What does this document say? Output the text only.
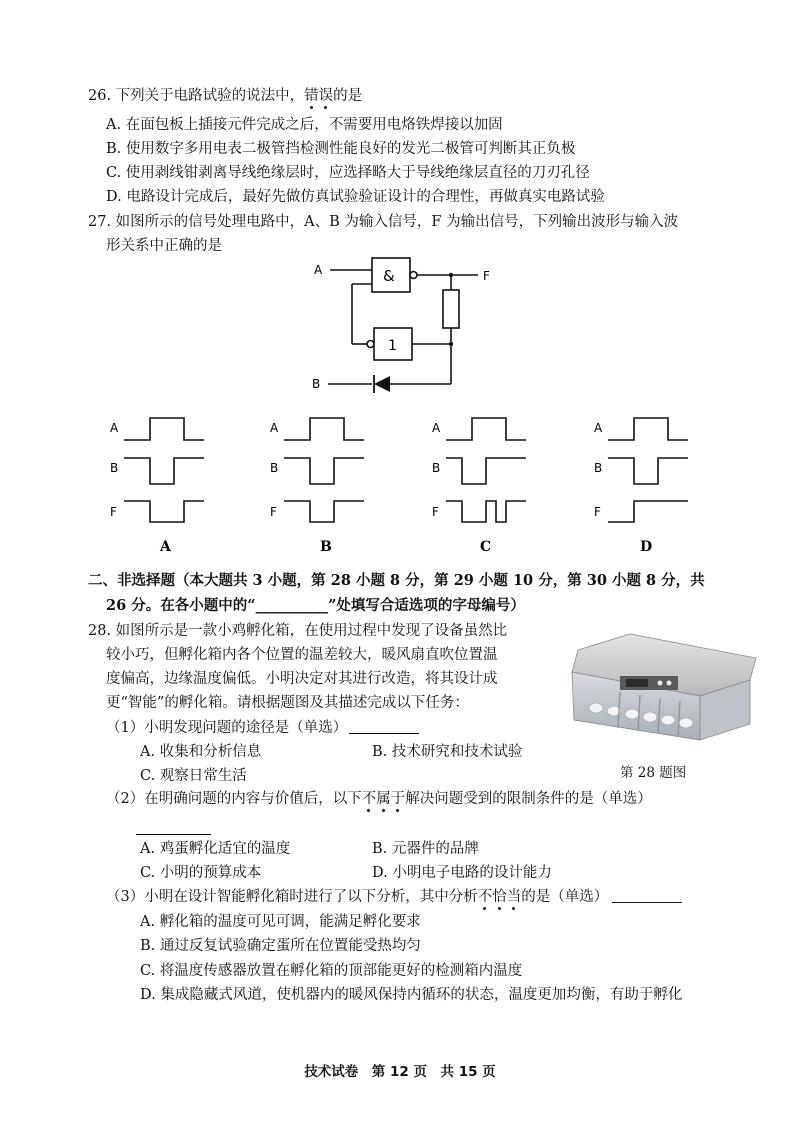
26. 下列关于电路试验的说法中，错误的是
A. 在面包板上插接元件完成之后，不需要用电烙铁焊接以加固
B. 使用数字多用电表二极管挡检测性能良好的发光二极管可判断其正负极
C. 使用剥线钳剥离导线绝缘层时，应选择略大于导线绝缘层直径的刀刃孔径
D. 电路设计完成后，最好先做仿真试验验证设计的合理性，再做真实电路试验
27. 如图所示的信号处理电路中，A、B 为输入信号，F 为输出信号，下列输出波形与输入波
形关系中正确的是
A
B
F
&
1
A
B
F
A
B
F
A
B
F
A
B
F
A	B	C	D
二、非选择题（本大题共 3 小题，第 28 小题 8 分，第 29 小题 10 分，第 30 小题 8 分，共
26 分。在各小题中的“__________”处填写合适选项的字母编号）
28. 如图所示是一款小鸡孵化箱，在使用过程中发现了设备虽然比
较小巧，但孵化箱内各个位置的温差较大，暖风扇直吹位置温
度偏高，边缘温度偏低。小明决定对其进行改造，将其设计成
更“智能”的孵化箱。请根据题图及其描述完成以下任务：
第 28 题图
（1）小明发现问题的途径是（单选）
A. 收集和分析信息	B. 技术研究和技术试验
C. 观察日常生活
（2）在明确问题的内容与价值后，以下不属于解决问题受到的限制条件的是（单选）
A. 鸡蛋孵化适宜的温度	B. 元器件的品牌
C. 小明的预算成本	D. 小明电子电路的设计能力
（3）小明在设计智能孵化箱时进行了以下分析，其中分析不恰当的是（单选）
A. 孵化箱的温度可见可调，能满足孵化要求
B. 通过反复试验确定蛋所在位置能受热均匀
C. 将温度传感器放置在孵化箱的顶部能更好的检测箱内温度
D. 集成隐藏式风道，使机器内的暖风保持内循环的状态，温度更加均衡，有助于孵化
技术试卷　第 12 页　共 15 页
